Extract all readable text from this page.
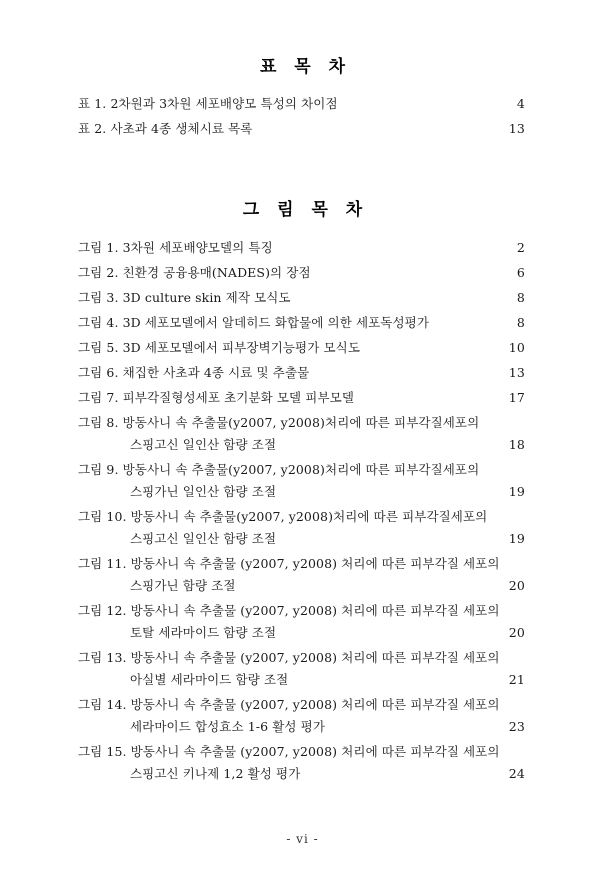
표 목 차
표 1. 2차원과 3차원 세포배양모 특성의 차이점 ·····	4
표 2. 사초과 4종 생체시료 목록 ·····	13
그 림 목 차
그림 1. 3차원 세포배양모델의 특징 ·····	2
그림 2. 친환경 공융용매(NADES)의 장점 ·····	6
그림 3. 3D culture skin 제작 모식도 ·····	8
그림 4. 3D 세포모델에서 알데히드 화합물에 의한 세포독성평가 ·····	8
그림 5. 3D 세포모델에서 피부장벽기능평가 모식도 ·····	10
그림 6. 채집한 사초과 4종 시료 및 추출물 ·····	13
그림 7. 피부각질형성세포 초기분화 모델 피부모델 ·····	17
그림 8. 방동사니 속 추출물(y2007, y2008)처리에 따른 피부각질세포의
스핑고신 일인산 함량 조절 ·····	18
그림 9. 방동사니 속 추출물(y2007, y2008)처리에 따른 피부각질세포의
스핑가닌 일인산 함량 조절 ·····	19
그림 10. 방동사니 속 추출물(y2007, y2008)처리에 따른 피부각질세포의
스핑고신 일인산 함량 조절 ·····	19
그림 11. 방동사니 속 추출물 (y2007, y2008) 처리에 따른 피부각질 세포의
스핑가닌 함량 조절 ·····	20
그림 12. 방동사니 속 추출물 (y2007, y2008) 처리에 따른 피부각질 세포의
토탈 세라마이드 함량 조절 ·····	20
그림 13. 방동사니 속 추출물 (y2007, y2008) 처리에 따른 피부각질 세포의
아실별 세라마이드 함량 조절 ·····	21
그림 14. 방동사니 속 추출물 (y2007, y2008) 처리에 따른 피부각질 세포의
세라마이드 합성효소 1-6 활성 평가 ·····	23
그림 15. 방동사니 속 추출물 (y2007, y2008) 처리에 따른 피부각질 세포의
스핑고신 키나제 1,2 활성 평가 ·····	24
- vi -
